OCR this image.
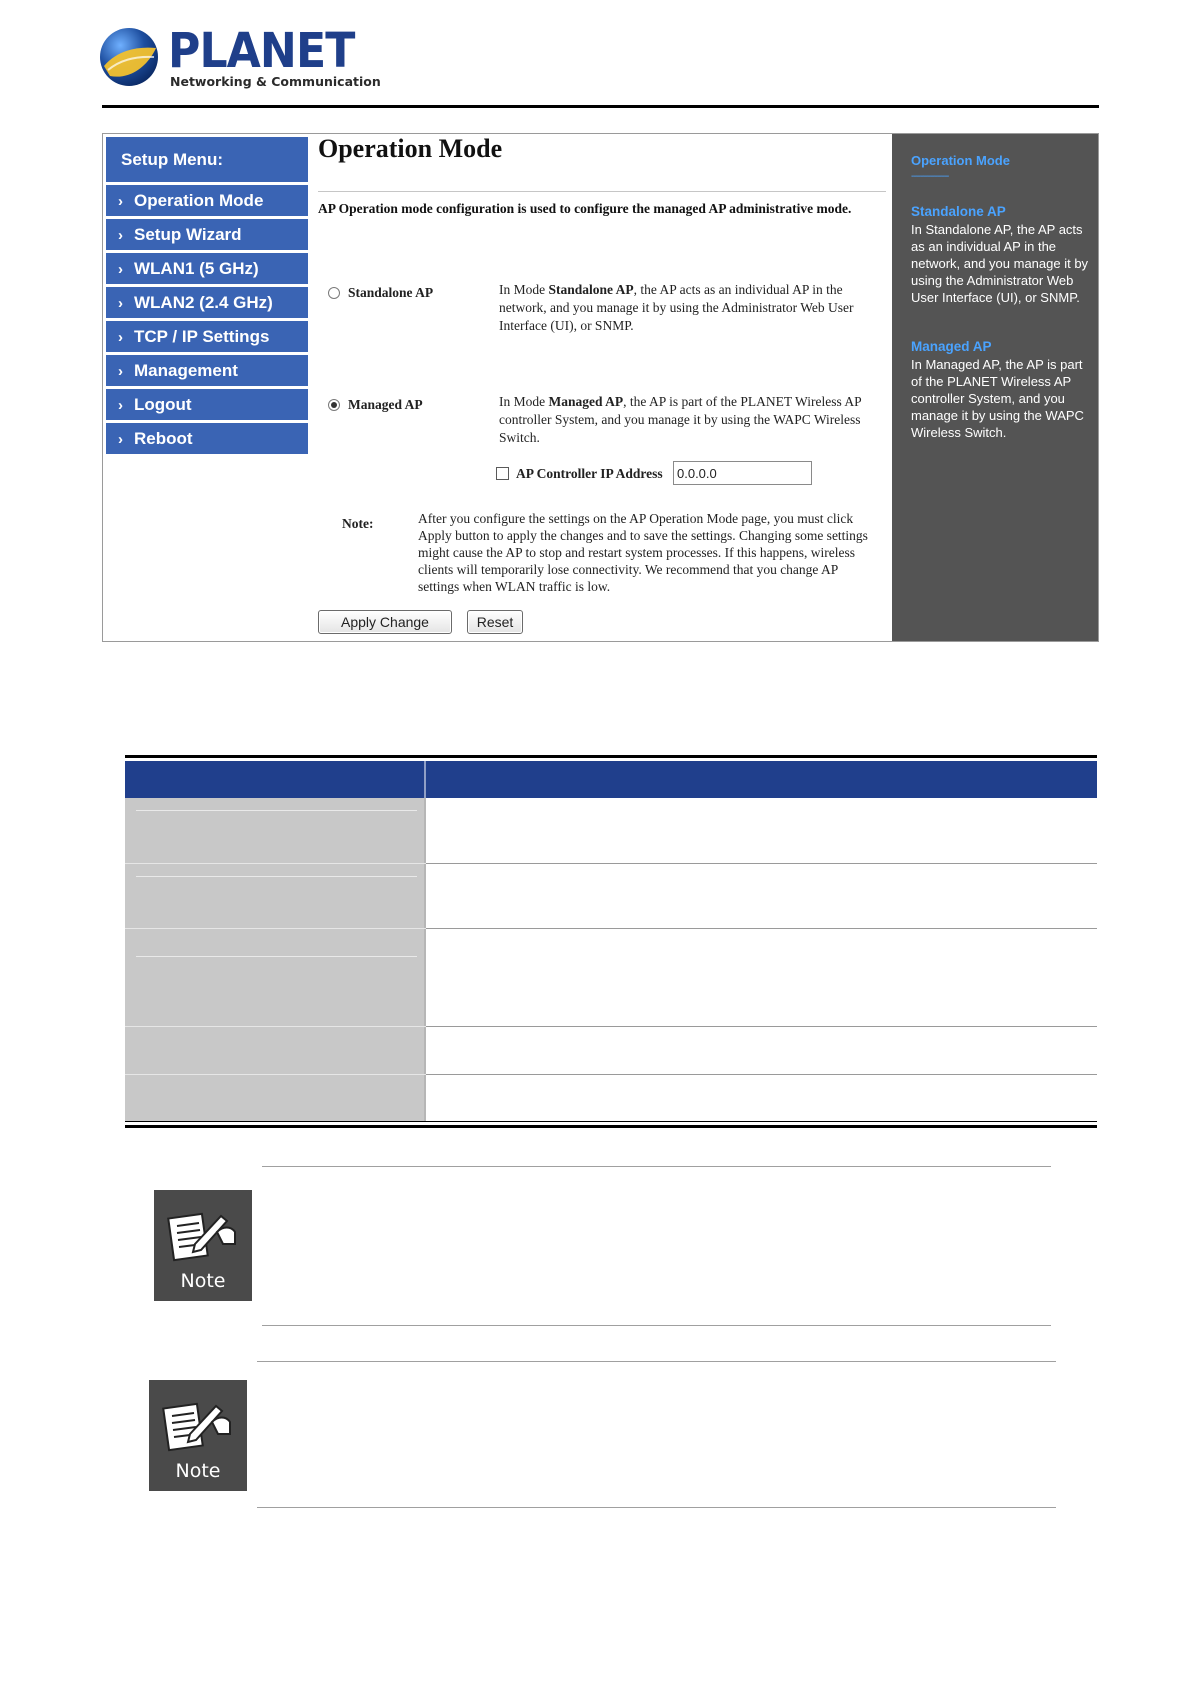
PLANET
Networking & Communication
Setup Menu:
› Operation Mode
› Setup Wizard
› WLAN1 (5 GHz)
› WLAN2 (2.4 GHz)
› TCP / IP Settings
› Management
› Logout
› Reboot
Operation Mode
AP Operation mode configuration is used to configure the managed AP administrative mode.
Standalone AP	In Mode Standalone AP, the AP acts as an individual AP in the network, and you manage it by using the Administrator Web User Interface (UI), or SNMP.
Managed AP	In Mode Managed AP, the AP is part of the PLANET Wireless AP controller System, and you manage it by using the WAPC Wireless Switch.
AP Controller IP Address
0.0.0.0
Note:	After you configure the settings on the AP Operation Mode page, you must click Apply button to apply the changes and to save the settings. Changing some settings might cause the AP to stop and restart system processes. If this happens, wireless clients will temporarily lose connectivity. We recommend that you change AP settings when WLAN traffic is low.
Apply Change	Reset
Operation Mode
----------------
Standalone AP
In Standalone AP, the AP acts as an individual AP in the network, and you manage it by using the Administrator Web User Interface (UI), or SNMP.
Managed AP
In Managed AP, the AP is part of the PLANET Wireless AP controller System, and you manage it by using the WAPC Wireless Switch.
Note
Note
